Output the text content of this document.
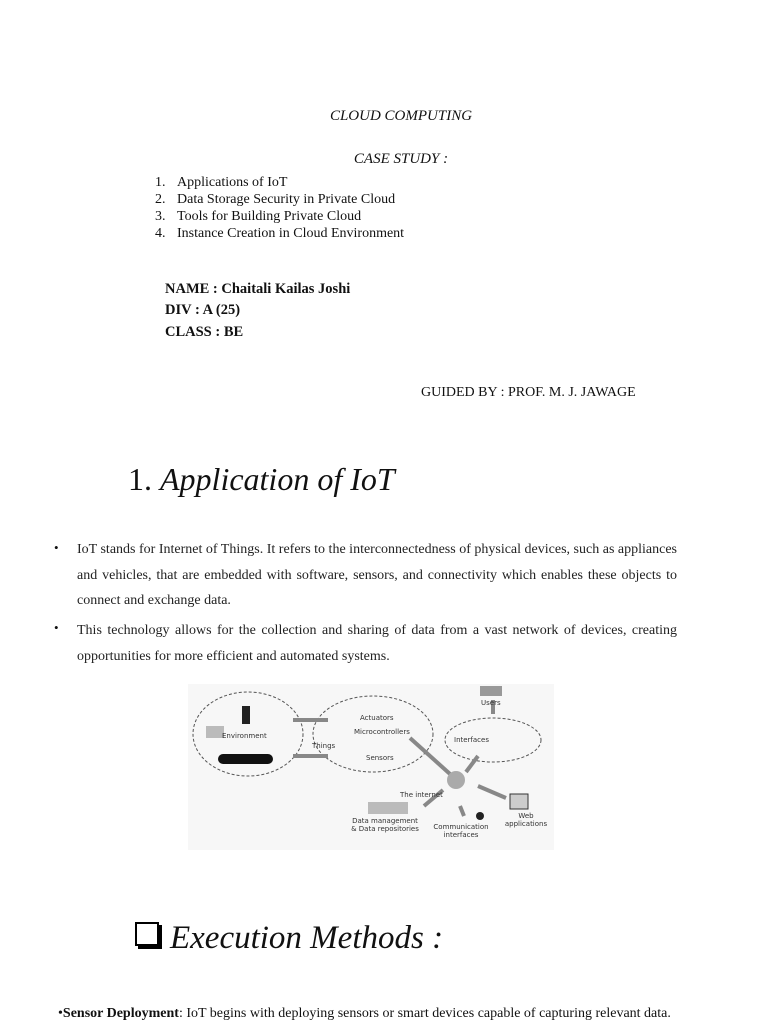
CLOUD COMPUTING
CASE STUDY :
1. Applications of IoT
2. Data Storage Security in Private Cloud
3. Tools for Building Private Cloud
4. Instance Creation in Cloud Environment
NAME : Chaitali Kailas Joshi
DIV : A (25)
CLASS : BE
GUIDED BY : PROF. M. J. JAWAGE
1. Application of IoT
• IoT stands for Internet of Things. It refers to the interconnectedness of physical devices, such as appliances and vehicles, that are embedded with software, sensors, and connectivity which enables these objects to connect and exchange data.
• This technology allows for the collection and sharing of data from a vast network of devices, creating opportunities for more efficient and automated systems.
Environment
Things
Actuators
Microcontrollers
Sensors
Users
Interfaces
The internet
Web applications
Data management & Data repositories	Communication interfaces
Execution Methods :
•Sensor Deployment: IoT begins with deploying sensors or smart devices capable of capturing relevant data.
